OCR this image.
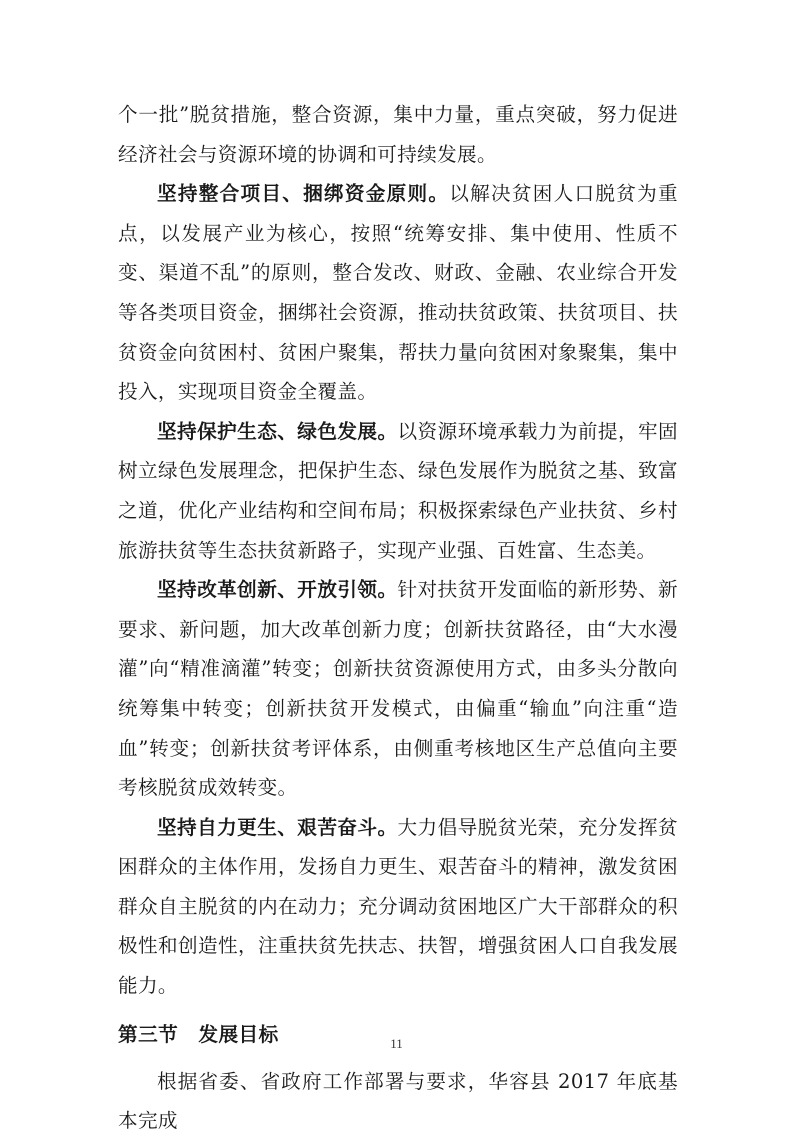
个一批”脱贫措施，整合资源，集中力量，重点突破，努力促进经济社会与资源环境的协调和可持续发展。

坚持整合项目、捆绑资金原则。以解决贫困人口脱贫为重点，以发展产业为核心，按照“统筹安排、集中使用、性质不变、渠道不乱”的原则，整合发改、财政、金融、农业综合开发等各类项目资金，捆绑社会资源，推动扶贫政策、扶贫项目、扶贫资金向贫困村、贫困户聚集，帮扶力量向贫困对象聚集，集中投入，实现项目资金全覆盖。

坚持保护生态、绿色发展。以资源环境承载力为前提，牢固树立绿色发展理念，把保护生态、绿色发展作为脱贫之基、致富之道，优化产业结构和空间布局；积极探索绿色产业扶贫、乡村旅游扶贫等生态扶贫新路子，实现产业强、百姓富、生态美。

坚持改革创新、开放引领。针对扶贫开发面临的新形势、新要求、新问题，加大改革创新力度；创新扶贫路径，由“大水漫灌”向“精准滴灌”转变；创新扶贫资源使用方式，由多头分散向统筹集中转变；创新扶贫开发模式，由偏重“输血”向注重“造血”转变；创新扶贫考评体系，由侧重考核地区生产总值向主要考核脱贫成效转变。

坚持自力更生、艰苦奋斗。大力倡导脱贫光荣，充分发挥贫困群众的主体作用，发扬自力更生、艰苦奋斗的精神，激发贫困群众自主脱贫的内在动力；充分调动贫困地区广大干部群众的积极性和创造性，注重扶贫先扶志、扶智，增强贫困人口自我发展能力。

第三节　发展目标

根据省委、省政府工作部署与要求，华容县 2017 年底基本完成

11
